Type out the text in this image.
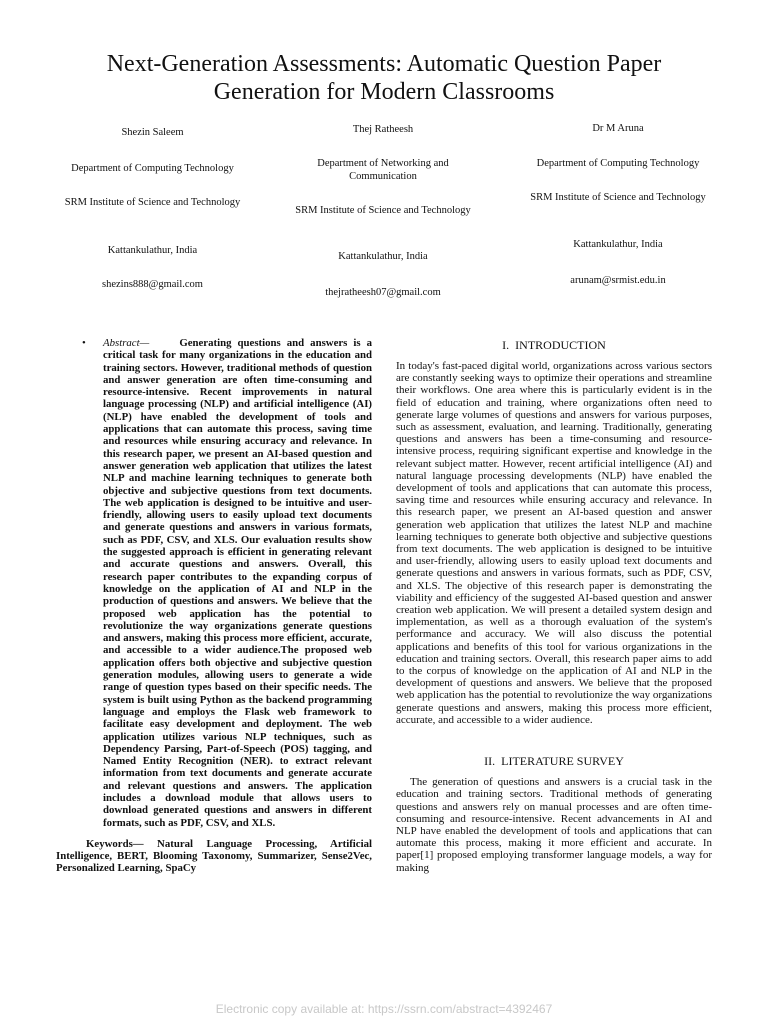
Next-Generation Assessments: Automatic Question Paper
Generation for Modern Classrooms
Shezin Saleem
Department of Computing Technology
SRM Institute of Science and Technology
Kattankulathur, India
shezins888@gmail.com
Thej Ratheesh
Department of Networking and Communication
SRM Institute of Science and Technology
Kattankulathur, India
thejratheesh07@gmail.com
Dr M Aruna
Department of Computing Technology
SRM Institute of Science and Technology
Kattankulathur, India
arunam@srmist.edu.in
• Abstract—	Generating questions and answers is a critical task for many organizations in the education and training sectors. However, traditional methods of question and answer generation are often time-consuming and resource-intensive. Recent improvements in natural language processing (NLP) and artificial intelligence (AI) (NLP) have enabled the development of tools and applications that can automate this process, saving time and resources while ensuring accuracy and relevance. In this research paper, we present an AI-based question and answer generation web application that utilizes the latest NLP and machine learning techniques to generate both objective and subjective questions from text documents. The web application is designed to be intuitive and user-friendly, allowing users to easily upload text documents and generate questions and answers in various formats, such as PDF, CSV, and XLS. Our evaluation results show the suggested approach is efficient in generating relevant and accurate questions and answers. Overall, this research paper contributes to the expanding corpus of knowledge on the application of AI and NLP in the production of questions and answers. We believe that the proposed web application has the potential to revolutionize the way organizations generate questions and answers, making this process more efficient, accurate, and accessible to a wider audience.The proposed web application offers both objective and subjective question generation modules, allowing users to generate a wide range of question types based on their specific needs. The system is built using Python as the backend programming language and employs the Flask web framework to facilitate easy development and deployment. The web application utilizes various NLP techniques, such as Dependency Parsing, Part-of-Speech (POS) tagging, and Named Entity Recognition (NER). to extract relevant information from text documents and generate accurate and relevant questions and answers. The application includes a download module that allows users to download generated questions and answers in different formats, such as PDF, CSV, and XLS.
Keywords— Natural Language Processing, Artificial Intelligence, BERT, Blooming Taxonomy, Summarizer, Sense2Vec, Personalized Learning, SpaCy
I. INTRODUCTION

In today's fast-paced digital world, organizations across various sectors are constantly seeking ways to optimize their operations and streamline their workflows. One area where this is particularly evident is in the field of education and training, where organizations often need to generate large volumes of questions and answers for various purposes, such as assessment, evaluation, and learning. Traditionally, generating questions and answers has been a time-consuming and resource-intensive process, requiring significant expertise and knowledge in the relevant subject matter. However, recent artificial intelligence (AI) and natural language processing developments (NLP) have enabled the development of tools and applications that can automate this process, saving time and resources while ensuring accuracy and relevance. In this research paper, we present an AI-based question and answer generation web application that utilizes the latest NLP and machine learning techniques to generate both objective and subjective questions from text documents. The web application is designed to be intuitive and user-friendly, allowing users to easily upload text documents and generate questions and answers in various formats, such as PDF, CSV, and XLS. The objective of this research paper is demonstrating the viability and efficiency of the suggested AI-based question and answer creation web application. We will present a detailed system design and implementation, as well as a thorough evaluation of the system's performance and accuracy. We will also discuss the potential applications and benefits of this tool for various organizations in the education and training sectors. Overall, this research paper aims to add to the corpus of knowledge on the application of AI and NLP in the development of questions and answers. We believe that the proposed web application has the potential to revolutionize the way organizations generate questions and answers, making this process more efficient, accurate, and accessible to a wider audience.

II. LITERATURE SURVEY

The generation of questions and answers is a crucial task in the education and training sectors. Traditional methods of generating questions and answers rely on manual processes and are often time-consuming and resource-intensive. Recent advancements in AI and NLP have enabled the development of tools and applications that can automate this process, making it more efficient and accurate. In paper[1] proposed employing transformer language models, a way for making

Electronic copy available at: https://ssrn.com/abstract=4392467
